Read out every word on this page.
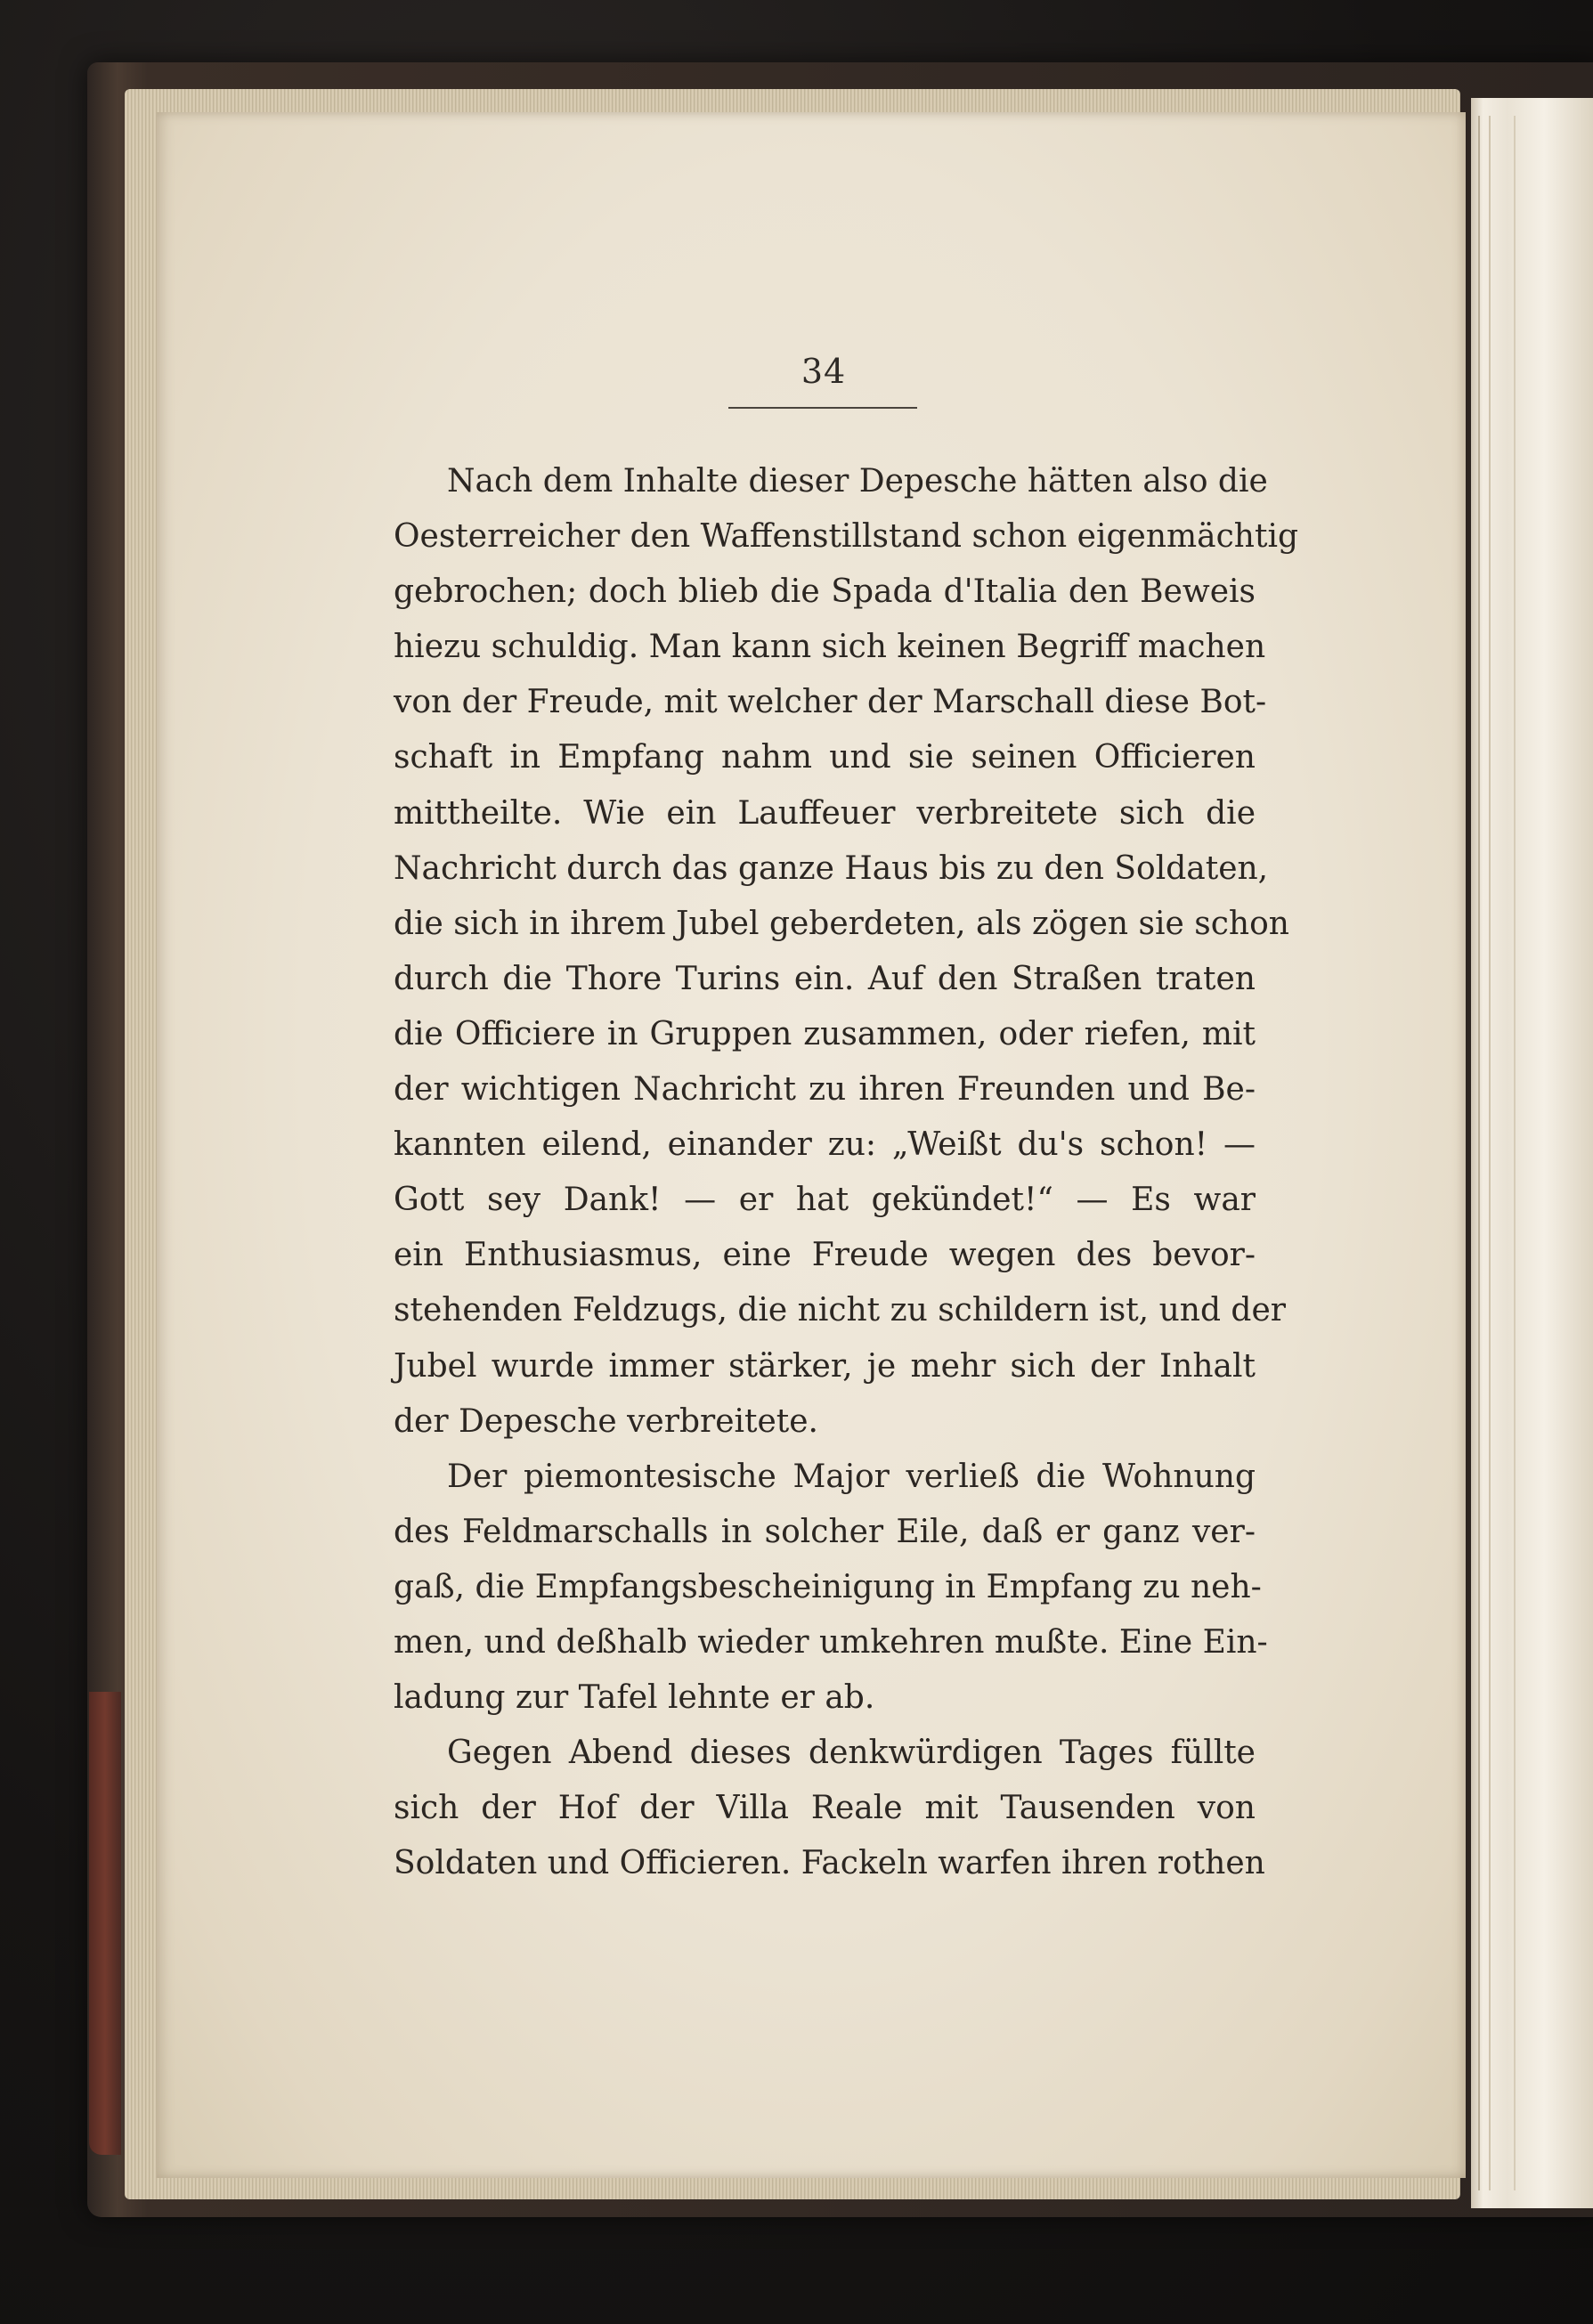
34
Nach dem Inhalte dieser Depesche hätten also die
Oesterreicher den Waffenstillstand schon eigenmächtig
gebrochen; doch blieb die Spada d'Italia den Beweis
hiezu schuldig. Man kann sich keinen Begriff machen
von der Freude, mit welcher der Marschall diese Bot-
schaft in Empfang nahm und sie seinen Officieren
mittheilte. Wie ein Lauffeuer verbreitete sich die
Nachricht durch das ganze Haus bis zu den Soldaten,
die sich in ihrem Jubel geberdeten, als zögen sie schon
durch die Thore Turins ein. Auf den Straßen traten
die Officiere in Gruppen zusammen, oder riefen, mit
der wichtigen Nachricht zu ihren Freunden und Be-
kannten eilend, einander zu: „Weißt du's schon! —
Gott sey Dank! — er hat gekündet!“ — Es war
ein Enthusiasmus, eine Freude wegen des bevor-
stehenden Feldzugs, die nicht zu schildern ist, und der
Jubel wurde immer stärker, je mehr sich der Inhalt
der Depesche verbreitete.
Der piemontesische Major verließ die Wohnung
des Feldmarschalls in solcher Eile, daß er ganz ver-
gaß, die Empfangsbescheinigung in Empfang zu neh-
men, und deßhalb wieder umkehren mußte. Eine Ein-
ladung zur Tafel lehnte er ab.
Gegen Abend dieses denkwürdigen Tages füllte
sich der Hof der Villa Reale mit Tausenden von
Soldaten und Officieren. Fackeln warfen ihren rothen
